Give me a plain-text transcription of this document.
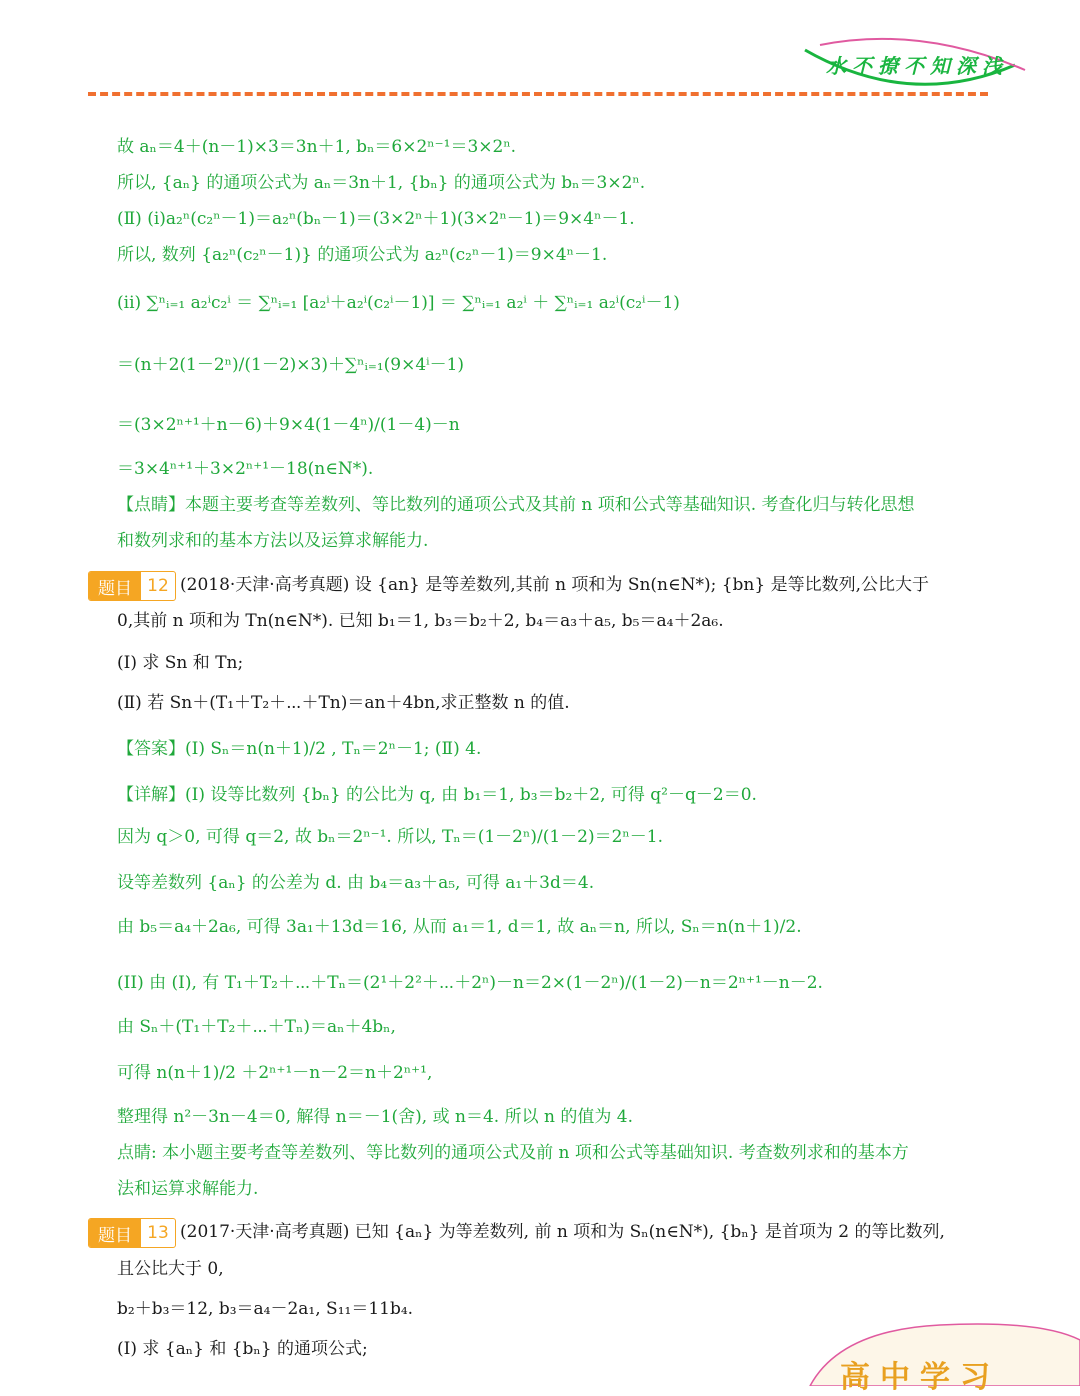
水不撩不知深浅
故 aₙ＝4＋(n－1)×3＝3n＋1, bₙ＝6×2ⁿ⁻¹＝3×2ⁿ.
所以, {aₙ} 的通项公式为 aₙ＝3n＋1, {bₙ} 的通项公式为 bₙ＝3×2ⁿ.
(Ⅱ) (i)a₂ⁿ(c₂ⁿ－1)＝a₂ⁿ(bₙ－1)＝(3×2ⁿ＋1)(3×2ⁿ－1)＝9×4ⁿ－1.
所以, 数列 {a₂ⁿ(c₂ⁿ－1)} 的通项公式为 a₂ⁿ(c₂ⁿ－1)＝9×4ⁿ－1.
(ii) ∑ⁿᵢ₌₁ a₂ⁱc₂ⁱ ＝ ∑ⁿᵢ₌₁ [a₂ⁱ＋a₂ⁱ(c₂ⁱ－1)] ＝ ∑ⁿᵢ₌₁ a₂ⁱ ＋ ∑ⁿᵢ₌₁ a₂ⁱ(c₂ⁱ－1)
＝(n＋2(1－2ⁿ)/(1－2)×3)＋∑ⁿᵢ₌₁(9×4ⁱ－1)
＝(3×2ⁿ⁺¹＋n－6)＋9×4(1－4ⁿ)/(1－4)－n
＝3×4ⁿ⁺¹＋3×2ⁿ⁺¹－18(n∈N*).
【点睛】本题主要考查等差数列、等比数列的通项公式及其前 n 项和公式等基础知识. 考查化归与转化思想
和数列求和的基本方法以及运算求解能力.
题目 12 (2018·天津·高考真题) 设 {an} 是等差数列,其前 n 项和为 Sn(n∈N*); {bn} 是等比数列,公比大于
0,其前 n 项和为 Tn(n∈N*). 已知 b₁＝1, b₃＝b₂＋2, b₄＝a₃＋a₅, b₅＝a₄＋2a₆.
(Ⅰ) 求 Sn 和 Tn;
(Ⅱ) 若 Sn＋(T₁＋T₂＋⋯＋Tn)＝an＋4bn,求正整数 n 的值.
【答案】(Ⅰ) Sₙ＝n(n＋1)/2 , Tₙ＝2ⁿ－1; (Ⅱ) 4.
【详解】(I) 设等比数列 {bₙ} 的公比为 q, 由 b₁＝1, b₃＝b₂＋2, 可得 q²－q－2＝0.
因为 q＞0, 可得 q＝2, 故 bₙ＝2ⁿ⁻¹. 所以, Tₙ＝(1－2ⁿ)/(1－2)＝2ⁿ－1.
设等差数列 {aₙ} 的公差为 d. 由 b₄＝a₃＋a₅, 可得 a₁＋3d＝4.
由 b₅＝a₄＋2a₆, 可得 3a₁＋13d＝16, 从而 a₁＝1, d＝1, 故 aₙ＝n, 所以, Sₙ＝n(n＋1)/2.
(II) 由 (I), 有 T₁＋T₂＋⋯＋Tₙ＝(2¹＋2²＋⋯＋2ⁿ)－n＝2×(1－2ⁿ)/(1－2)－n＝2ⁿ⁺¹－n－2.
由 Sₙ＋(T₁＋T₂＋⋯＋Tₙ)＝aₙ＋4bₙ,
可得 n(n＋1)/2 ＋2ⁿ⁺¹－n－2＝n＋2ⁿ⁺¹,
整理得 n²－3n－4＝0, 解得 n＝－1(舍), 或 n＝4. 所以 n 的值为 4.
点睛: 本小题主要考查等差数列、等比数列的通项公式及前 n 项和公式等基础知识. 考查数列求和的基本方
法和运算求解能力.
题目 13 (2017·天津·高考真题) 已知 {aₙ} 为等差数列, 前 n 项和为 Sₙ(n∈N*), {bₙ} 是首项为 2 的等比数列,
且公比大于 0,
b₂＋b₃＝12, b₃＝a₄－2a₁, S₁₁＝11b₄.
(Ⅰ) 求 {aₙ} 和 {bₙ} 的通项公式;
高中学习
